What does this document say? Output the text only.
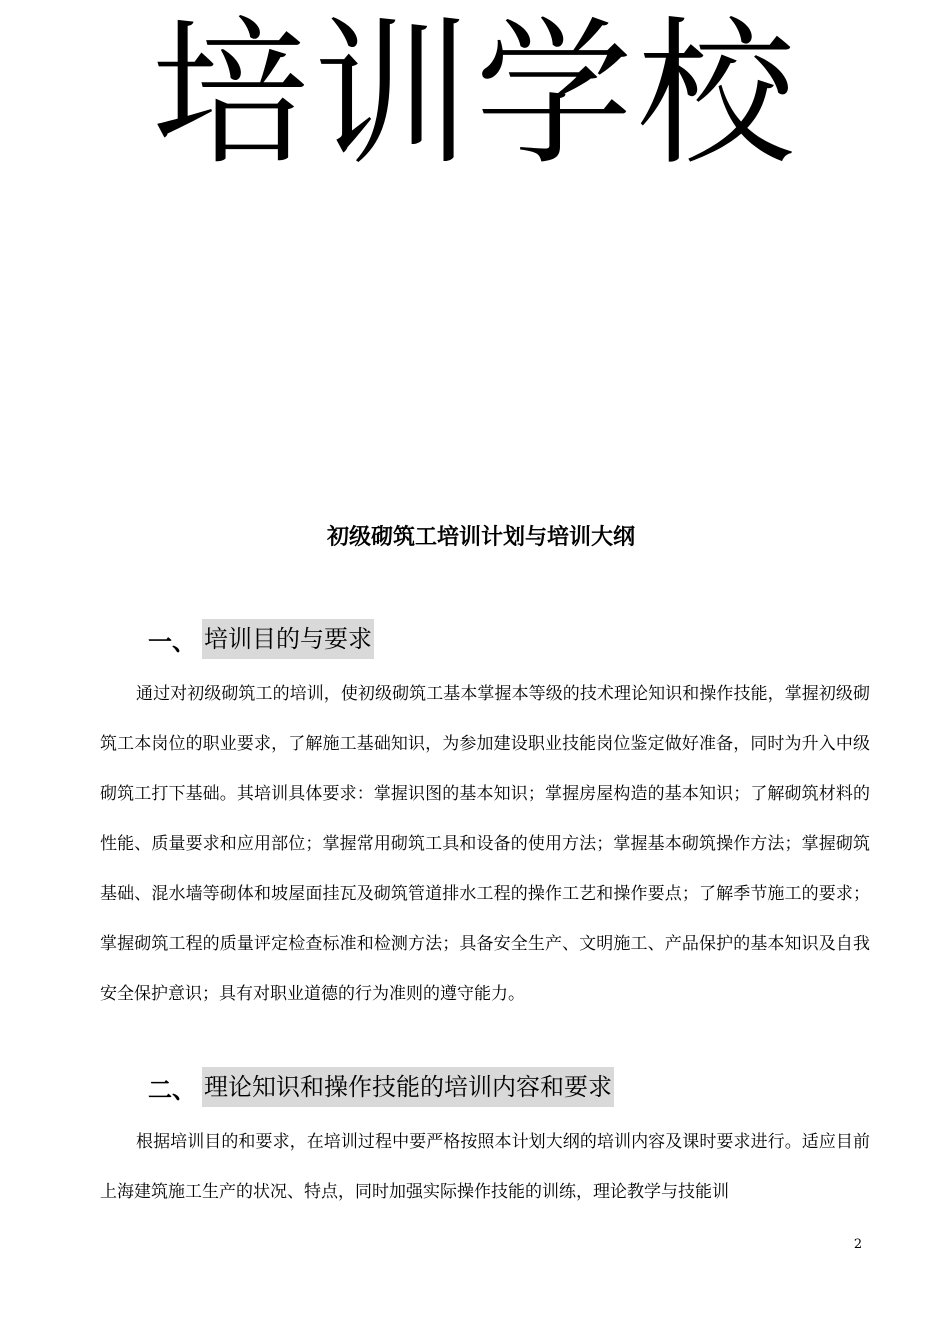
培训学校
初级砌筑工培训计划与培训大纲
一、 培训目的与要求

通过对初级砌筑工的培训，使初级砌筑工基本掌握本等级的技术理论知识和操作技能，掌握初级砌筑工本岗位的职业要求，了解施工基础知识，为参加建设职业技能岗位鉴定做好准备，同时为升入中级砌筑工打下基础。其培训具体要求：掌握识图的基本知识；掌握房屋构造的基本知识；了解砌筑材料的性能、质量要求和应用部位；掌握常用砌筑工具和设备的使用方法；掌握基本砌筑操作方法；掌握砌筑基础、混水墙等砌体和坡屋面挂瓦及砌筑管道排水工程的操作工艺和操作要点；了解季节施工的要求；掌握砌筑工程的质量评定检查标准和检测方法；具备安全生产、文明施工、产品保护的基本知识及自我安全保护意识；具有对职业道德的行为准则的遵守能力。

二、 理论知识和操作技能的培训内容和要求

根据培训目的和要求，在培训过程中要严格按照本计划大纲的培训内容及课时要求进行。适应目前上海建筑施工生产的状况、特点，同时加强实际操作技能的训练，理论教学与技能训

2
